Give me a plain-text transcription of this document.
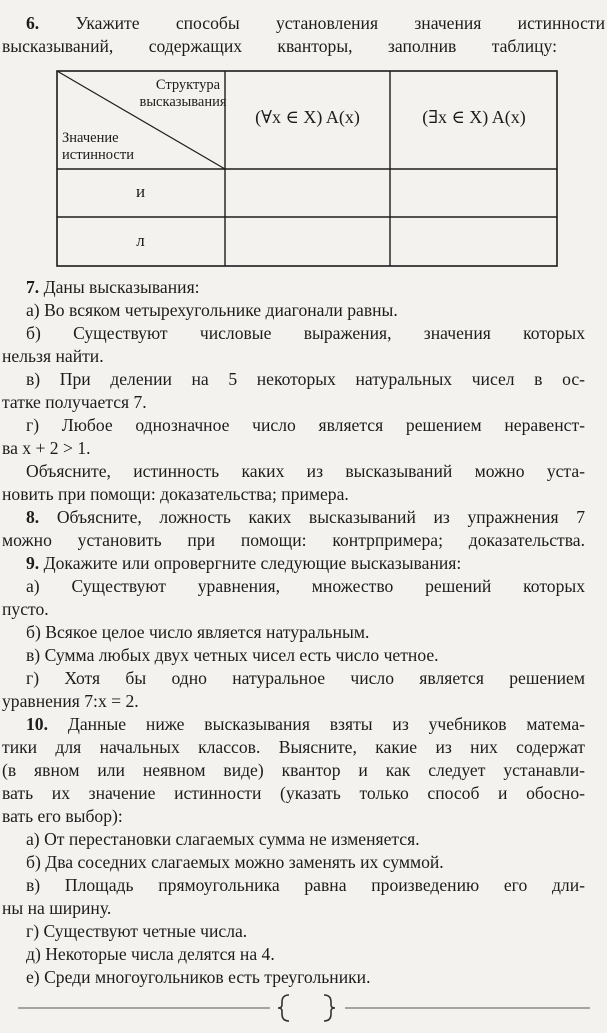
6. Укажите способы установления значения истинности
высказываний, содержащих кванторы, заполнив таблицу:
Структура
высказывания
Значение
истинности
(∀x ∈ X) A(x)	(∃x ∈ X) A(x)
и
л
7. Даны высказывания:
а) Во всяком четырехугольнике диагонали равны.
б) Существуют числовые выражения, значения которых
нельзя найти.
в) При делении на 5 некоторых натуральных чисел в ос-
татке получается 7.
г) Любое однозначное число является решением неравенст-
ва x + 2 > 1.
Объясните, истинность каких из высказываний можно уста-
новить при помощи: доказательства; примера.
8. Объясните, ложность каких высказываний из упражнения 7
можно установить при помощи: контрпримера; доказательства.
9. Докажите или опровергните следующие высказывания:
а) Существуют уравнения, множество решений которых
пусто.
б) Всякое целое число является натуральным.
в) Сумма любых двух четных чисел есть число четное.
г) Хотя бы одно натуральное число является решением
уравнения 7:x = 2.
10. Данные ниже высказывания взяты из учебников матема-
тики для начальных классов. Выясните, какие из них содержат
(в явном или неявном виде) квантор и как следует устанавли-
вать их значение истинности (указать только способ и обосно-
вать его выбор):
а) От перестановки слагаемых сумма не изменяется.
б) Два соседних слагаемых можно заменять их суммой.
в) Площадь прямоугольника равна произведению его дли-
ны на ширину.
г) Существуют четные числа.
д) Некоторые числа делятся на 4.
е) Среди многоугольников есть треугольники.
